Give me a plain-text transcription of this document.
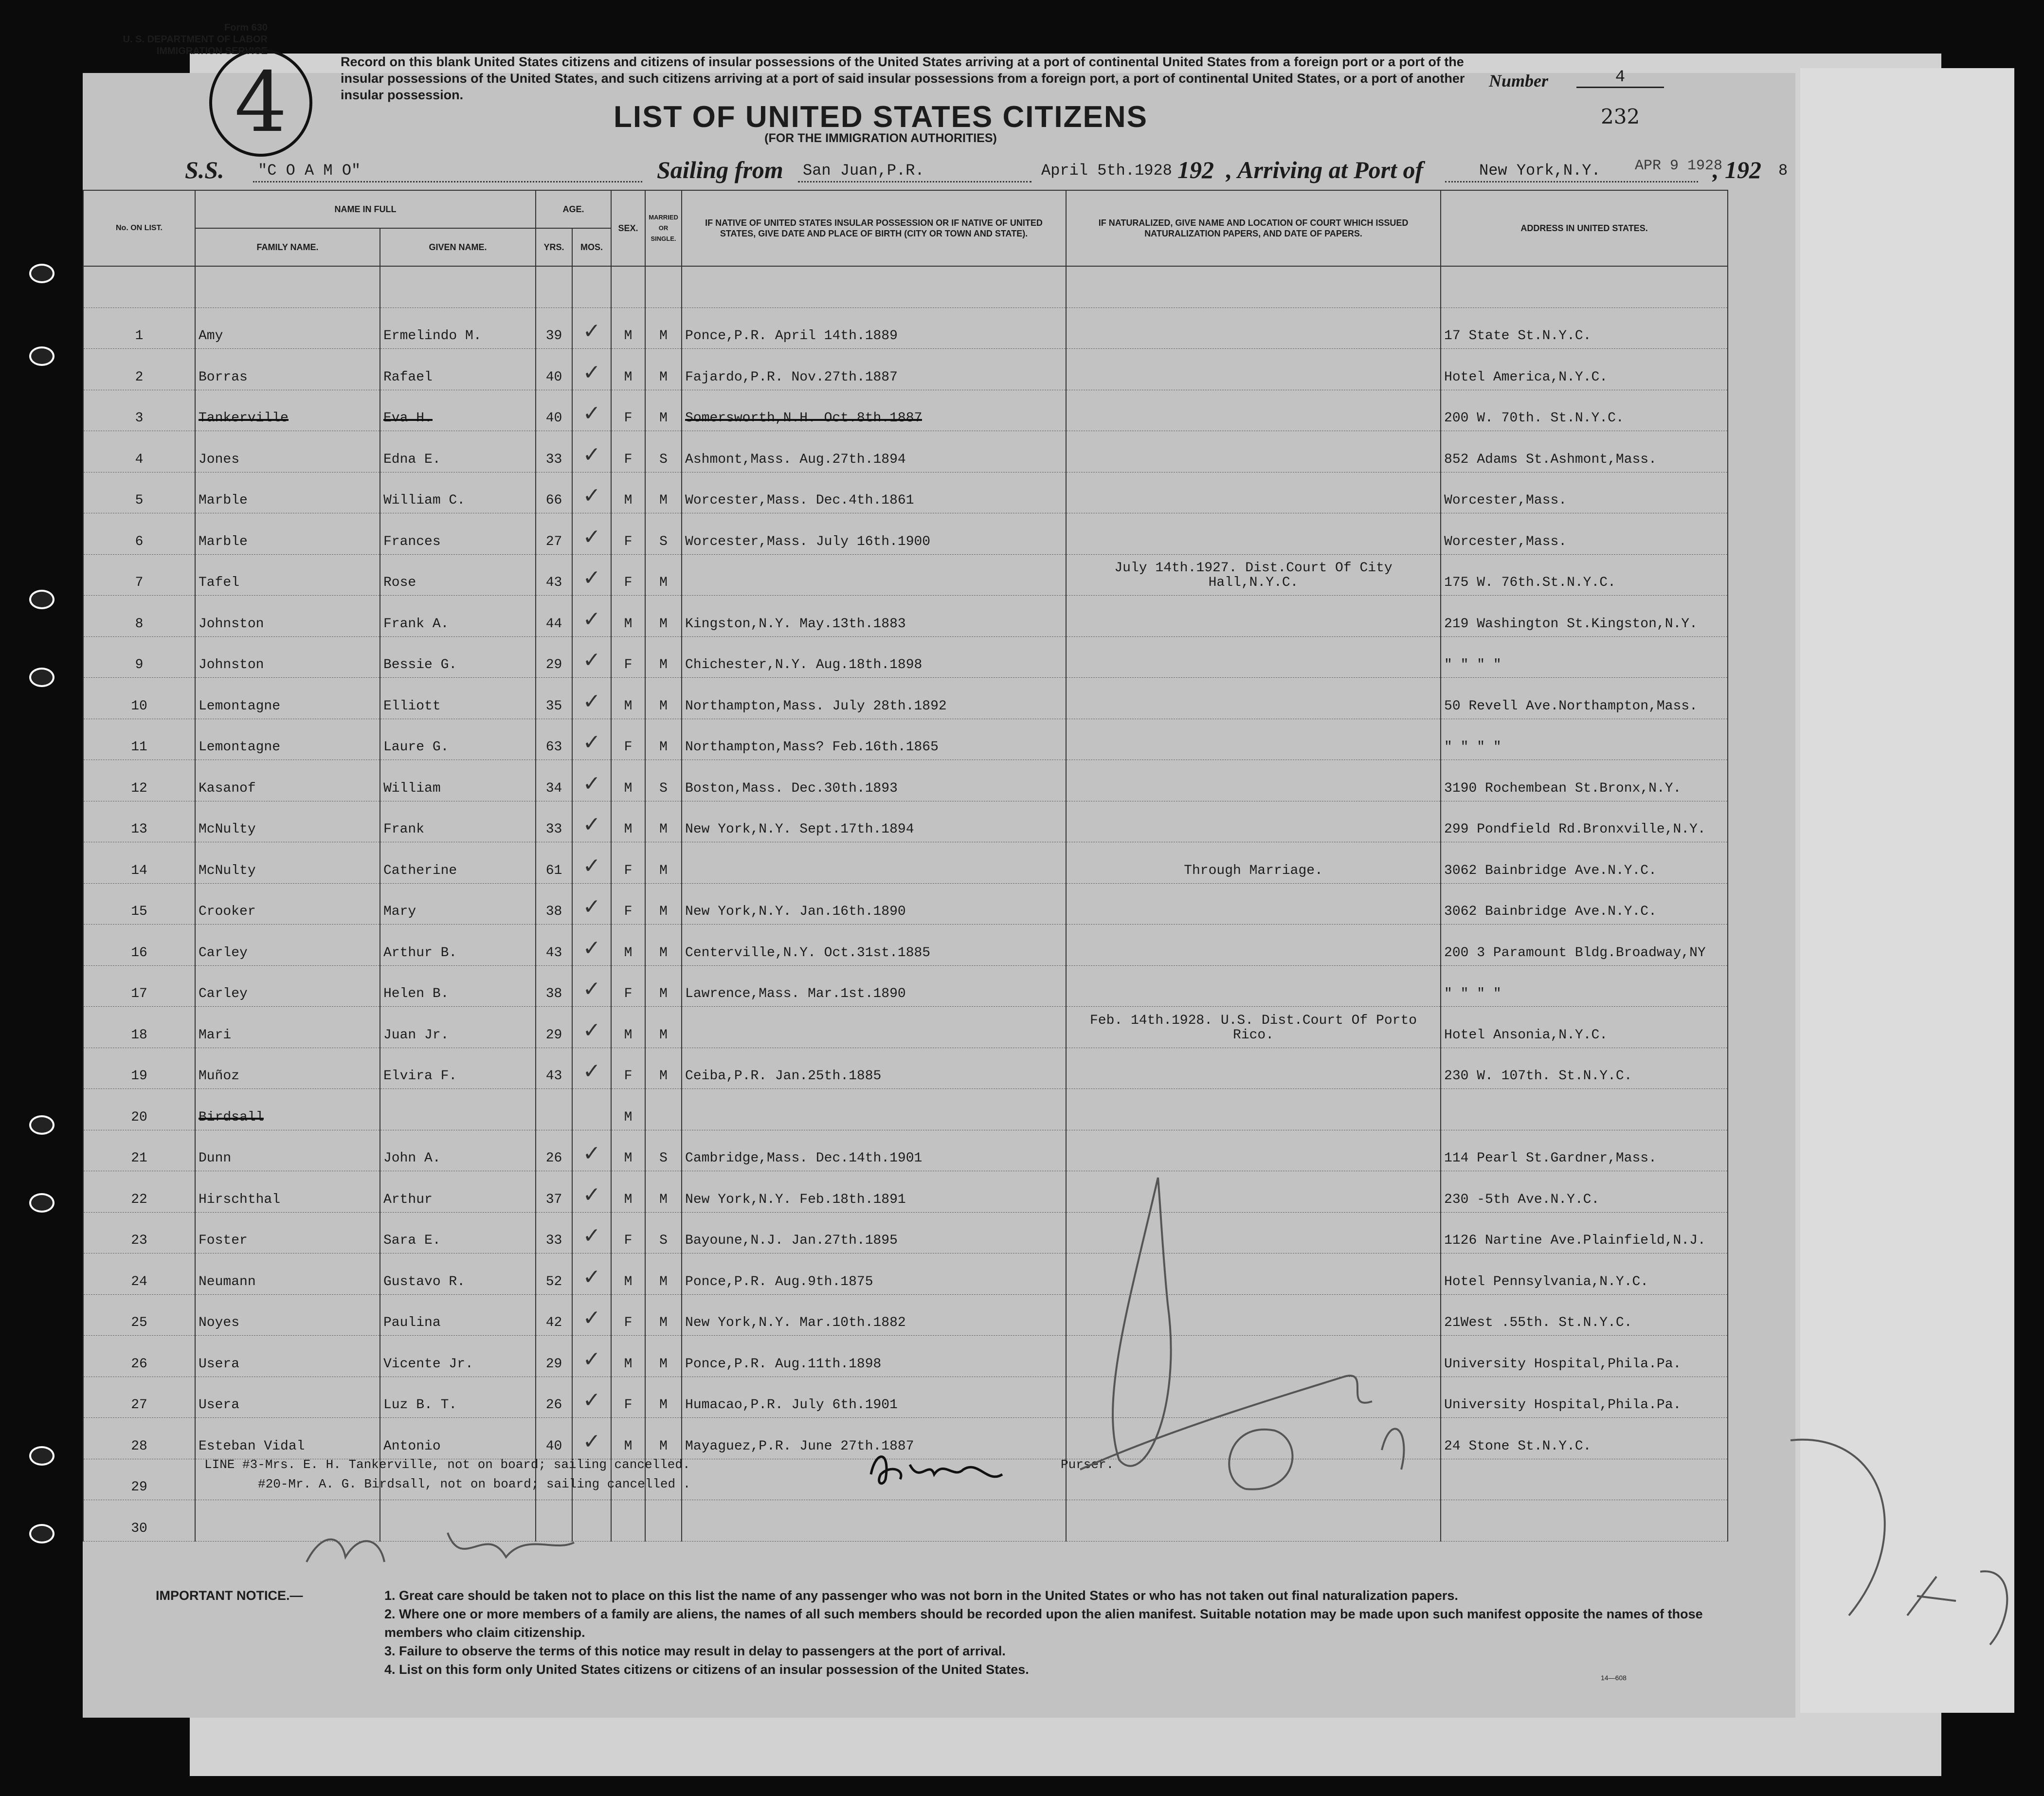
Form 630
U. S. DEPARTMENT OF LABOR
IMMIGRATION SERVICE
4	Record on this blank United States citizens and citizens of insular possessions of the United States arriving at a port of continental United States from a foreign port or a port of the insular possessions of the United States, and such citizens arriving at a port of said insular possessions from a foreign port, a port of continental United States, or a port of another insular possession.
Number	4
LIST OF UNITED STATES CITIZENS
(FOR THE IMMIGRATION AUTHORITIES)
232
S.S. "C O A M O"	Sailing from San Juan,P.R.	April 5th.1928 192 , Arriving at Port of	New York,N.Y. APR 9 1928
, 192 8
No. ON LIST.	NAME IN FULL		AGE.		SEX.	MARRIED OR SINGLE.	IF NATIVE OF UNITED STATES INSULAR POSSESSION OR IF NATIVE OF UNITED STATES, GIVE DATE AND PLACE OF BIRTH (CITY OR TOWN AND STATE).	IF NATURALIZED, GIVE NAME AND LOCATION OF COURT WHICH ISSUED NATURALIZATION PAPERS, AND DATE OF PAPERS.	ADDRESS IN UNITED STATES.
	FAMILY NAME.	GIVEN NAME.	YRS.	MOS.					

1	Amy	Ermelindo M.	39	✓	M	M	Ponce,P.R. April 14th.1889		17 State St.N.Y.C.
2	Borras	Rafael	40	✓	M	M	Fajardo,P.R. Nov.27th.1887		Hotel America,N.Y.C.
3	Tankerville	Eva H.	40	✓	F	M	Somersworth,N.H. Oct.8th.1887		200 W. 70th. St.N.Y.C.
4	Jones	Edna E.	33	✓	F	S	Ashmont,Mass. Aug.27th.1894		852 Adams St.Ashmont,Mass.
5	Marble	William C.	66	✓	M	M	Worcester,Mass. Dec.4th.1861		Worcester,Mass.
6	Marble	Frances	27	✓	F	S	Worcester,Mass. July 16th.1900		Worcester,Mass.
7	Tafel	Rose	43	✓	F	M		July 14th.1927. Dist.Court Of City Hall,N.Y.C.	175 W. 76th.St.N.Y.C.
8	Johnston	Frank A.	44	✓	M	M	Kingston,N.Y. May.13th.1883		219 Washington St.Kingston,N.Y.
9	Johnston	Bessie G.	29	✓	F	M	Chichester,N.Y. Aug.18th.1898		" " " "
10	Lemontagne	Elliott	35	✓	M	M	Northampton,Mass. July 28th.1892		50 Revell Ave.Northampton,Mass.
11	Lemontagne	Laure G.	63	✓	F	M	Northampton,Mass? Feb.16th.1865		" " " "
12	Kasanof	William	34	✓	M	S	Boston,Mass. Dec.30th.1893		3190 Rochembean St.Bronx,N.Y.
13	McNulty	Frank	33	✓	M	M	New York,N.Y. Sept.17th.1894		299 Pondfield Rd.Bronxville,N.Y.
14	McNulty	Catherine	61	✓	F	M		Through Marriage.	3062 Bainbridge Ave.N.Y.C.
15	Crooker	Mary	38	✓	F	M	New York,N.Y. Jan.16th.1890		3062 Bainbridge Ave.N.Y.C.
16	Carley	Arthur B.	43	✓	M	M	Centerville,N.Y. Oct.31st.1885		200 3 Paramount Bldg.Broadway,NY
17	Carley	Helen B.	38	✓	F	M	Lawrence,Mass. Mar.1st.1890		" " " "
18	Mari	Juan Jr.	29	✓	M	M		Feb. 14th.1928. U.S. Dist.Court Of Porto Rico.	Hotel Ansonia,N.Y.C.
19	Muñoz	Elvira F.	43	✓	F	M	Ceiba,P.R. Jan.25th.1885		230 W. 107th. St.N.Y.C.
20	Birdsall				M			

21	Dunn	John A.	26	✓	M	S	Cambridge,Mass. Dec.14th.1901		114 Pearl St.Gardner,Mass.
22	Hirschthal	Arthur	37	✓	M	M	New York,N.Y. Feb.18th.1891		230 -5th Ave.N.Y.C.
23	Foster	Sara E.	33	✓	F	S	Bayoune,N.J. Jan.27th.1895		1126 Nartine Ave.Plainfield,N.J.
24	Neumann	Gustavo R.	52	✓	M	M	Ponce,P.R. Aug.9th.1875		Hotel Pennsylvania,N.Y.C.
25	Noyes	Paulina	42	✓	F	M	New York,N.Y. Mar.10th.1882		21West .55th. St.N.Y.C.
26	Usera	Vicente Jr.	29	✓	M	M	Ponce,P.R. Aug.11th.1898		University Hospital,Phila.Pa.
27	Usera	Luz B. T.	26	✓	F	M	Humacao,P.R. July 6th.1901		University Hospital,Phila.Pa.
28	Esteban Vidal	Antonio	40	✓	M	M	Mayaguez,P.R. June 27th.1887		24 Stone St.N.Y.C.
29								

30								

LINE #3-Mrs. E. H. Tankerville, not on board; sailing cancelled.
#20-Mr. A. G. Birdsall, not on board; sailing cancelled .
Purser.
IMPORTANT NOTICE.—	1. Great care should be taken not to place on this list the name of any passenger who was not born in the United States or who has not taken out final naturalization papers.
2. Where one or more members of a family are aliens, the names of all such members should be recorded upon the alien manifest. Suitable notation may be made upon such manifest opposite the names of those members who claim citizenship.
3. Failure to observe the terms of this notice may result in delay to passengers at the port of arrival.
4. List on this form only United States citizens or citizens of an insular possession of the United States.
14—608
